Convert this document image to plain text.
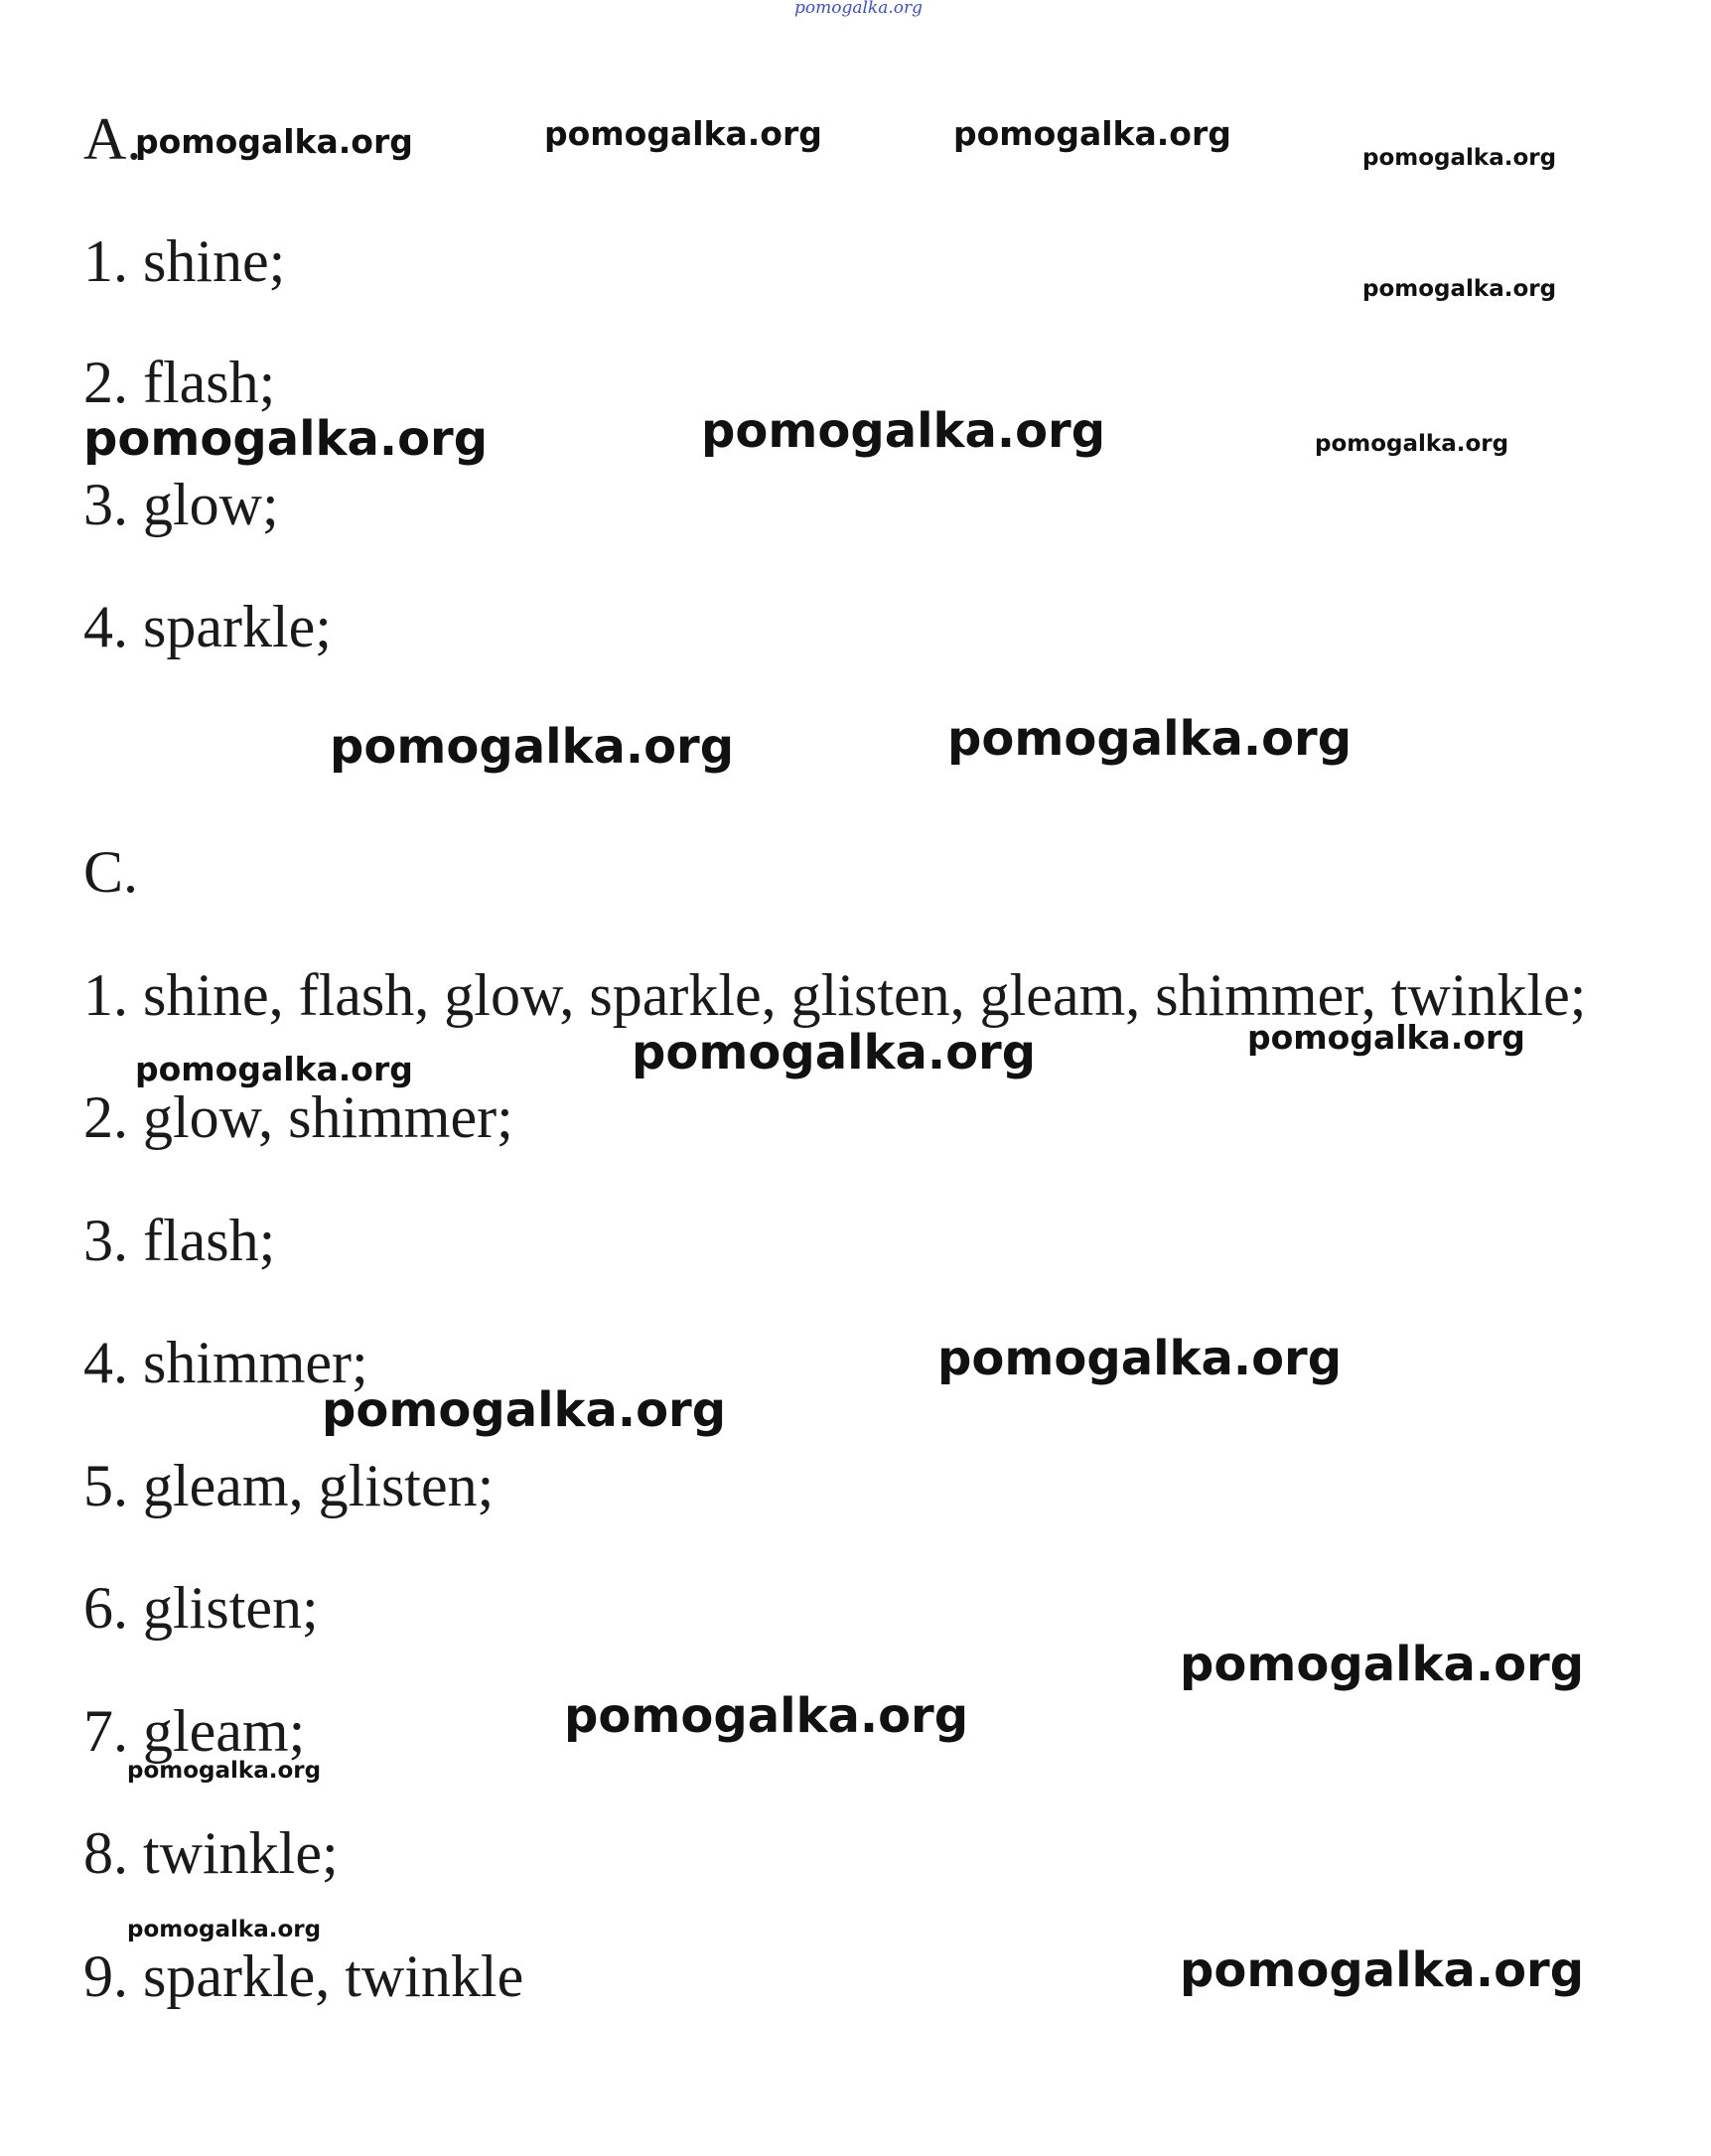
pomogalka.org
A.
1. shine;
2. flash;
3. glow;
4. sparkle;
C.
1. shine, flash, glow, sparkle, glisten, gleam, shimmer, twinkle;
2. glow, shimmer;
3. flash;
4. shimmer;
5. gleam, glisten;
6. glisten;
7. gleam;
8. twinkle;
9. sparkle, twinkle
pomogalka.org	pomogalka.org	pomogalka.org
pomogalka.org
pomogalka.org
pomogalka.org	pomogalka.org	pomogalka.org
pomogalka.org	pomogalka.org
pomogalka.org
pomogalka.org	pomogalka.org
pomogalka.org
pomogalka.org
pomogalka.org
pomogalka.org
pomogalka.org
pomogalka.org
pomogalka.org
